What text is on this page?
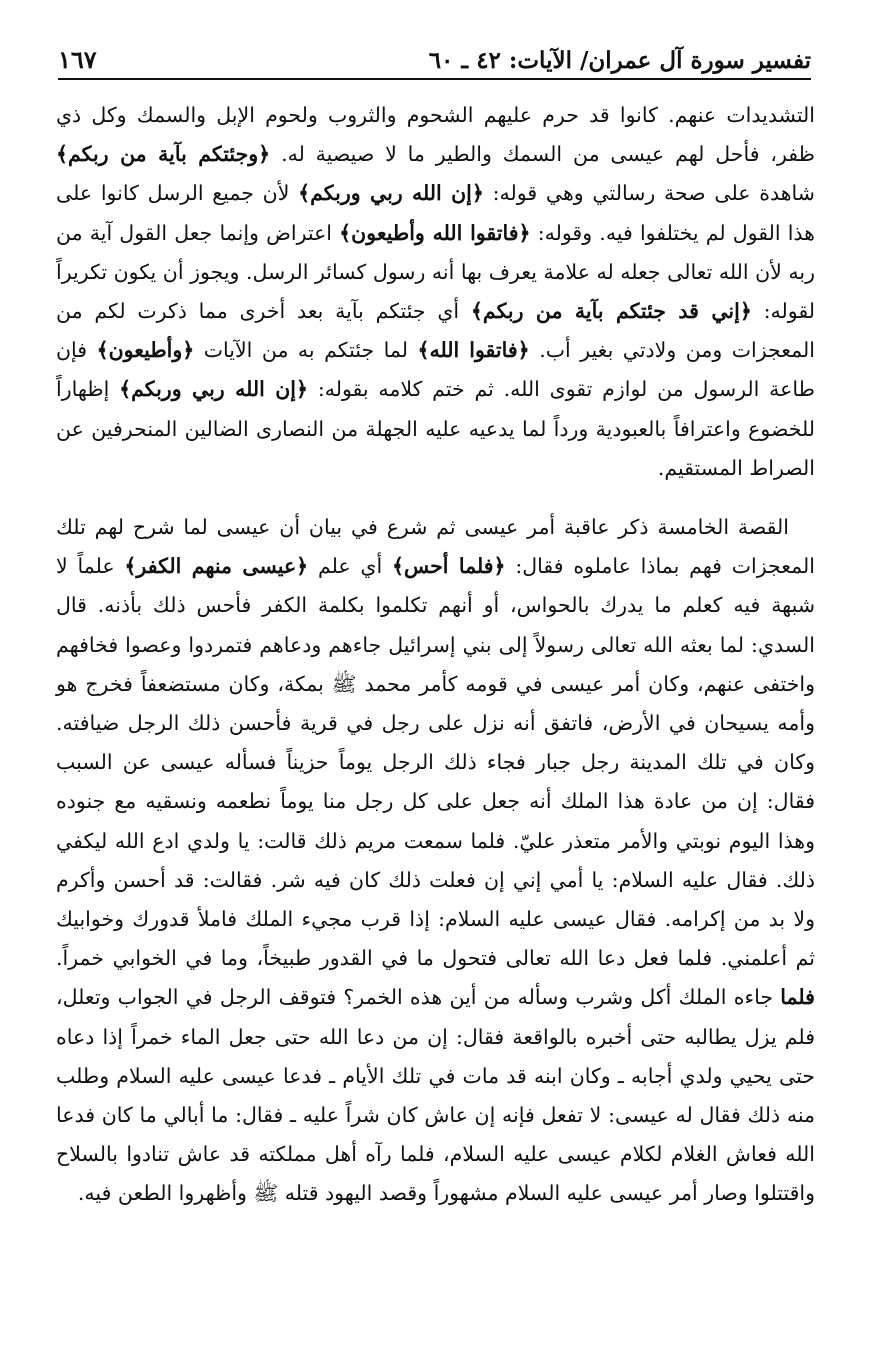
١٦٧	تفسير سورة آل عمران/ الآيات: ٤٢ ـ ٦٠

التشديدات عنهم. كانوا قد حرم عليهم الشحوم والثروب ولحوم الإبل والسمك وكل ذي ظفر، فأحل لهم عيسى من السمك والطير ما لا صيصية له. ﴿وجئتكم بآية من ربكم﴾ شاهدة على صحة رسالتي وهي قوله: ﴿إن الله ربي وربكم﴾ لأن جميع الرسل كانوا على هذا القول لم يختلفوا فيه. وقوله: ﴿فاتقوا الله وأطيعون﴾ اعتراض وإنما جعل القول آية من ربه لأن الله تعالى جعله له علامة يعرف بها أنه رسول كسائر الرسل. ويجوز أن يكون تكريراً لقوله: ﴿إني قد جئتكم بآية من ربكم﴾ أي جئتكم بآية بعد أخرى مما ذكرت لكم من المعجزات ومن ولادتي بغير أب. ﴿فاتقوا الله﴾ لما جئتكم به من الآيات ﴿وأطيعون﴾ فإن طاعة الرسول من لوازم تقوى الله. ثم ختم كلامه بقوله: ﴿إن الله ربي وربكم﴾ إظهاراً للخضوع واعترافاً بالعبودية ورداً لما يدعيه عليه الجهلة من النصارى الضالين المنحرفين عن الصراط المستقيم.

القصة الخامسة ذكر عاقبة أمر عيسى ثم شرع في بيان أن عيسى لما شرح لهم تلك المعجزات فهم بماذا عاملوه فقال: ﴿فلما أحس﴾ أي علم ﴿عيسى منهم الكفر﴾ علماً لا شبهة فيه كعلم ما يدرك بالحواس، أو أنهم تكلموا بكلمة الكفر فأحس ذلك بأذنه. قال السدي: لما بعثه الله تعالى رسولاً إلى بني إسرائيل جاءهم ودعاهم فتمردوا وعصوا فخافهم واختفى عنهم، وكان أمر عيسى في قومه كأمر محمد ﷺ بمكة، وكان مستضعفاً فخرج هو وأمه يسيحان في الأرض، فاتفق أنه نزل على رجل في قرية فأحسن ذلك الرجل ضيافته. وكان في تلك المدينة رجل جبار فجاء ذلك الرجل يوماً حزيناً فسأله عيسى عن السبب فقال: إن من عادة هذا الملك أنه جعل على كل رجل منا يوماً نطعمه ونسقيه مع جنوده وهذا اليوم نوبتي والأمر متعذر عليّ. فلما سمعت مريم ذلك قالت: يا ولدي ادع الله ليكفي ذلك. فقال عليه السلام: يا أمي إني إن فعلت ذلك كان فيه شر. فقالت: قد أحسن وأكرم ولا بد من إكرامه. فقال عيسى عليه السلام: إذا قرب مجيء الملك فاملأ قدورك وخوابيك ثم أعلمني. فلما فعل دعا الله تعالى فتحول ما في القدور طبيخاً، وما في الخوابي خمراً. فلما جاءه الملك أكل وشرب وسأله من أين هذه الخمر؟ فتوقف الرجل في الجواب وتعلل، فلم يزل يطالبه حتى أخبره بالواقعة فقال: إن من دعا الله حتى جعل الماء خمراً إذا دعاه حتى يحيي ولدي أجابه ـ وكان ابنه قد مات في تلك الأيام ـ فدعا عيسى عليه السلام وطلب منه ذلك فقال له عيسى: لا تفعل فإنه إن عاش كان شراً عليه ـ فقال: ما أبالي ما كان فدعا الله فعاش الغلام لكلام عيسى عليه السلام، فلما رآه أهل مملكته قد عاش تنادوا بالسلاح واقتتلوا وصار أمر عيسى عليه السلام مشهوراً وقصد اليهود قتله ﷺ وأظهروا الطعن فيه.
